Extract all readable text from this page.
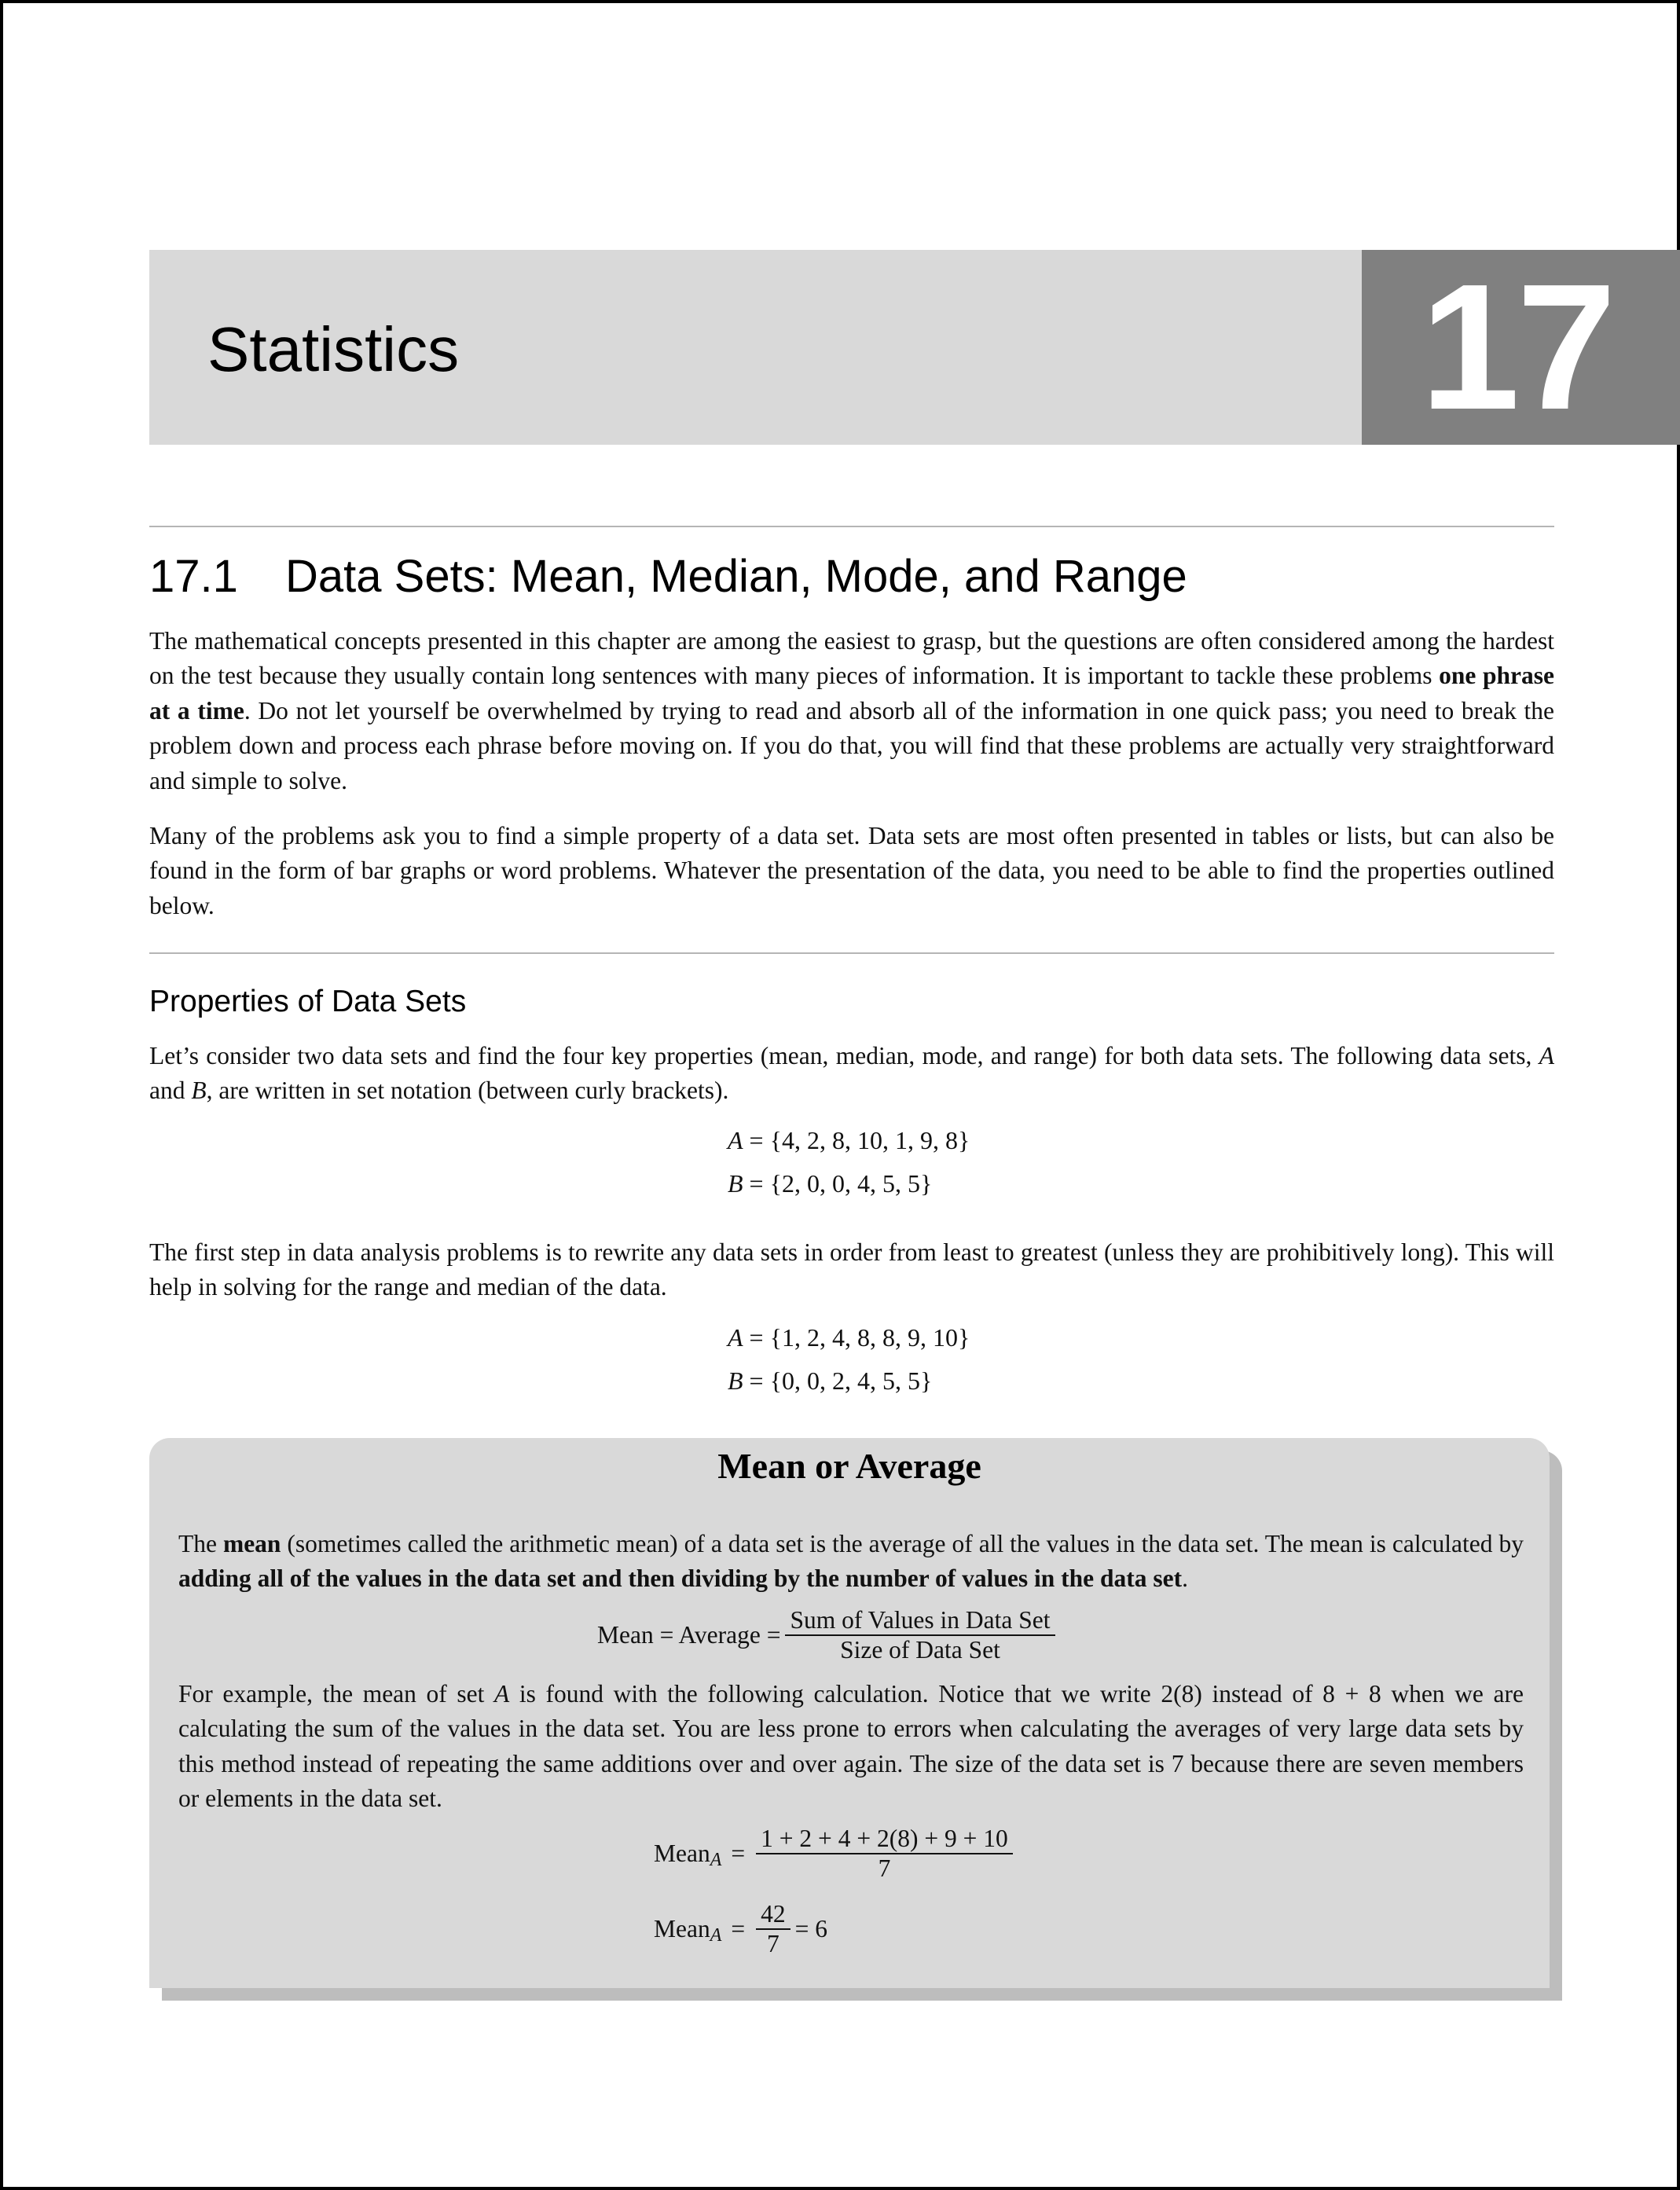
Statistics	17
17.1 Data Sets: Mean, Median, Mode, and Range

The mathematical concepts presented in this chapter are among the easiest to grasp, but the questions are often considered among the hardest on the test because they usually contain long sentences with many pieces of information. It is important to tackle these problems one phrase at a time. Do not let yourself be overwhelmed by trying to read and absorb all of the information in one quick pass; you need to break the problem down and process each phrase before moving on. If you do that, you will find that these problems are actually very straightforward and simple to solve.

Many of the problems ask you to find a simple property of a data set. Data sets are most often presented in tables or lists, but can also be found in the form of bar graphs or word problems. Whatever the presentation of the data, you need to be able to find the properties outlined below.

Properties of Data Sets

Let’s consider two data sets and find the four key properties (mean, median, mode, and range) for both data sets. The following data sets, A and B, are written in set notation (between curly brackets).

A = {4, 2, 8, 10, 1, 9, 8}
B = {2, 0, 0, 4, 5, 5}

The first step in data analysis problems is to rewrite any data sets in order from least to greatest (unless they are prohibitively long). This will help in solving for the range and median of the data.

A = {1, 2, 4, 8, 8, 9, 10}
B = {0, 0, 2, 4, 5, 5}
Mean or Average

The mean (sometimes called the arithmetic mean) of a data set is the average of all the values in the data set. The mean is calculated by adding all of the values in the data set and then dividing by the number of values in the data set.

Mean = Average = $\frac{\text{Sum of Values in Data Set}}{\text{Size of Data Set}}$

For example, the mean of set A is found with the following calculation. Notice that we write 2(8) instead of 8 + 8 when we are calculating the sum of the values in the data set. You are less prone to errors when calculating the averages of very large data sets by this method instead of repeating the same additions over and over again. The size of the data set is 7 because there are seven members or elements in the data set.

Mean $A = \frac{1 + 2 + 4 + 2(8) + 9 + 10}{7}$
Mean $A = \frac{42}{7} = 6$
